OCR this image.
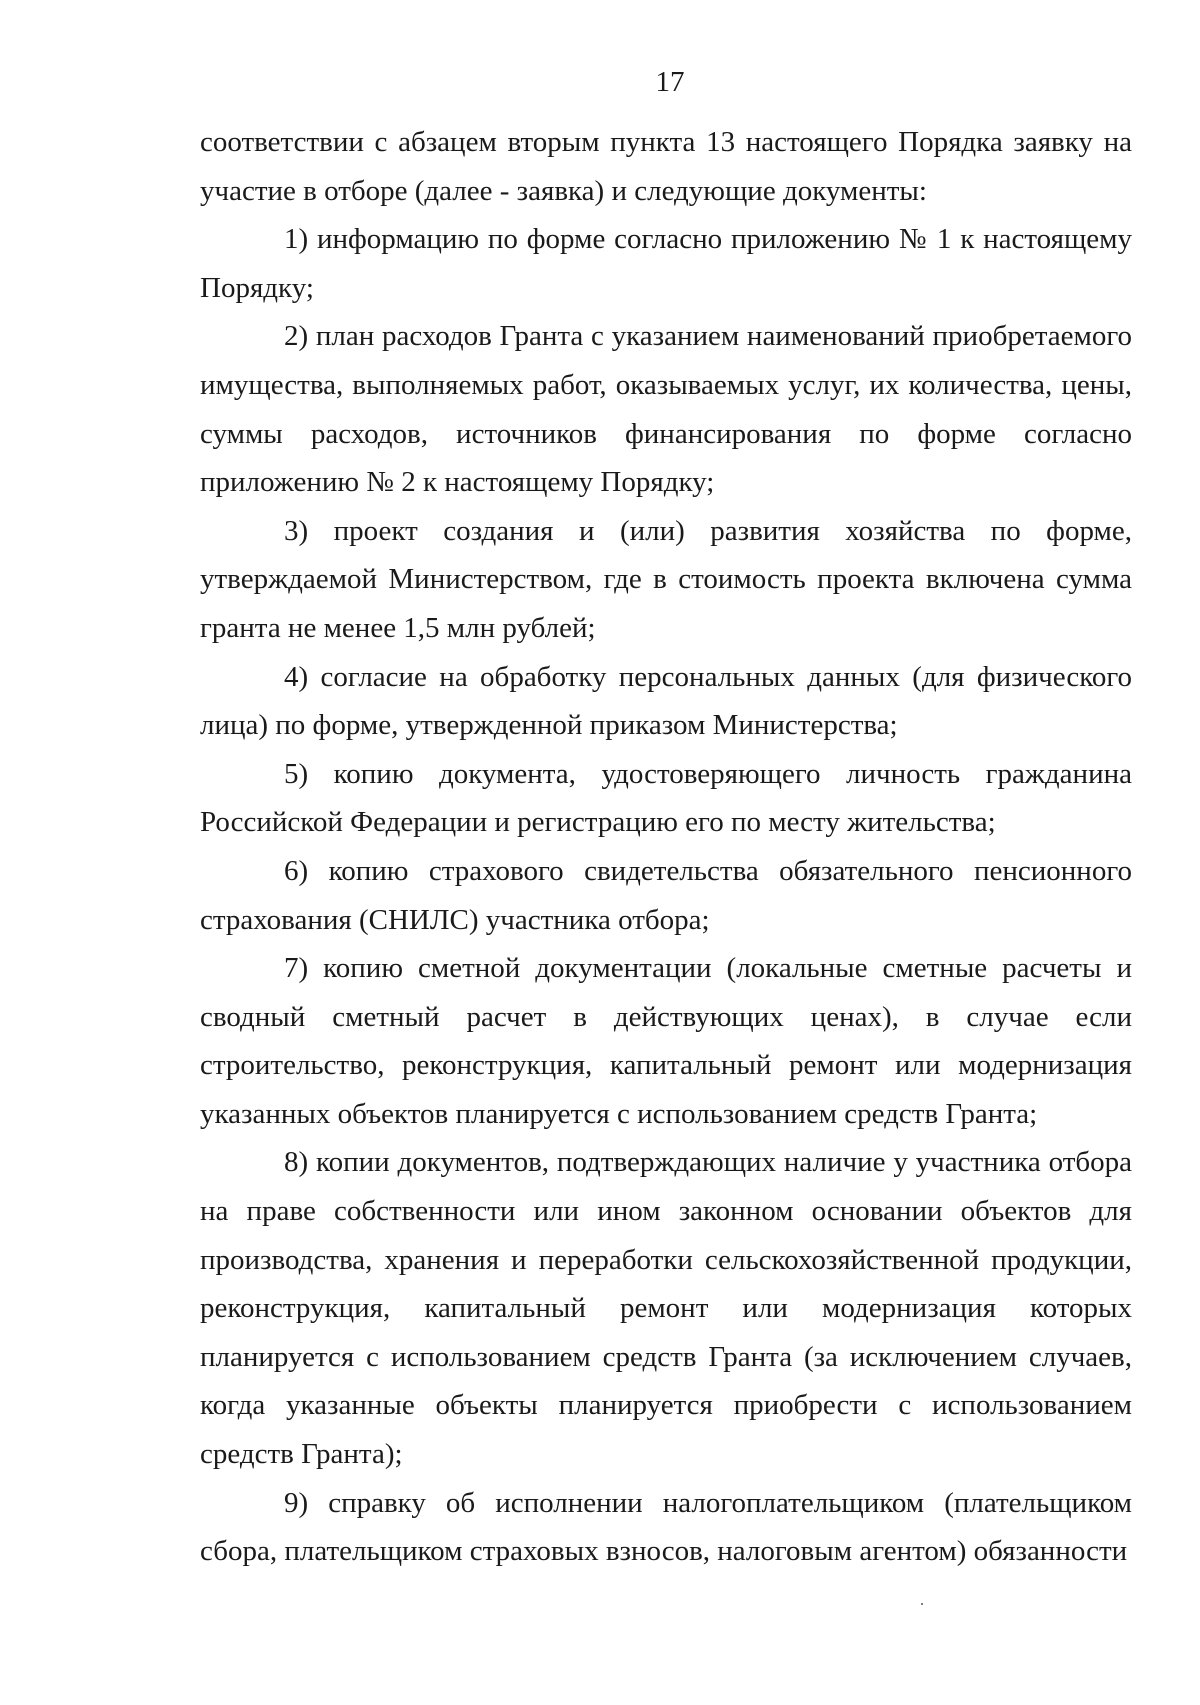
17

соответствии с абзацем вторым пункта 13 настоящего Порядка заявку на участие в отборе (далее - заявка) и следующие документы:

1) информацию по форме согласно приложению № 1 к настоящему Порядку;

2) план расходов Гранта с указанием наименований приобретаемого имущества, выполняемых работ, оказываемых услуг, их количества, цены, суммы расходов, источников финансирования по форме согласно приложению № 2 к настоящему Порядку;

3) проект создания и (или) развития хозяйства по форме, утверждаемой Министерством, где в стоимость проекта включена сумма гранта не менее 1,5 млн рублей;

4) согласие на обработку персональных данных (для физического лица) по форме, утвержденной приказом Министерства;

5) копию документа, удостоверяющего личность гражданина Российской Федерации и регистрацию его по месту жительства;

6) копию страхового свидетельства обязательного пенсионного страхования (СНИЛС) участника отбора;

7) копию сметной документации (локальные сметные расчеты и сводный сметный расчет в действующих ценах), в случае если строительство, реконструкция, капитальный ремонт или модернизация указанных объектов планируется с использованием средств Гранта;

8) копии документов, подтверждающих наличие у участника отбора на праве собственности или ином законном основании объектов для производства, хранения и переработки сельскохозяйственной продукции, реконструкция, капитальный ремонт или модернизация которых планируется с использованием средств Гранта (за исключением случаев, когда указанные объекты планируется приобрести с использованием средств Гранта);

9) справку об исполнении налогоплательщиком (плательщиком сбора, плательщиком страховых взносов, налоговым агентом) обязанности
